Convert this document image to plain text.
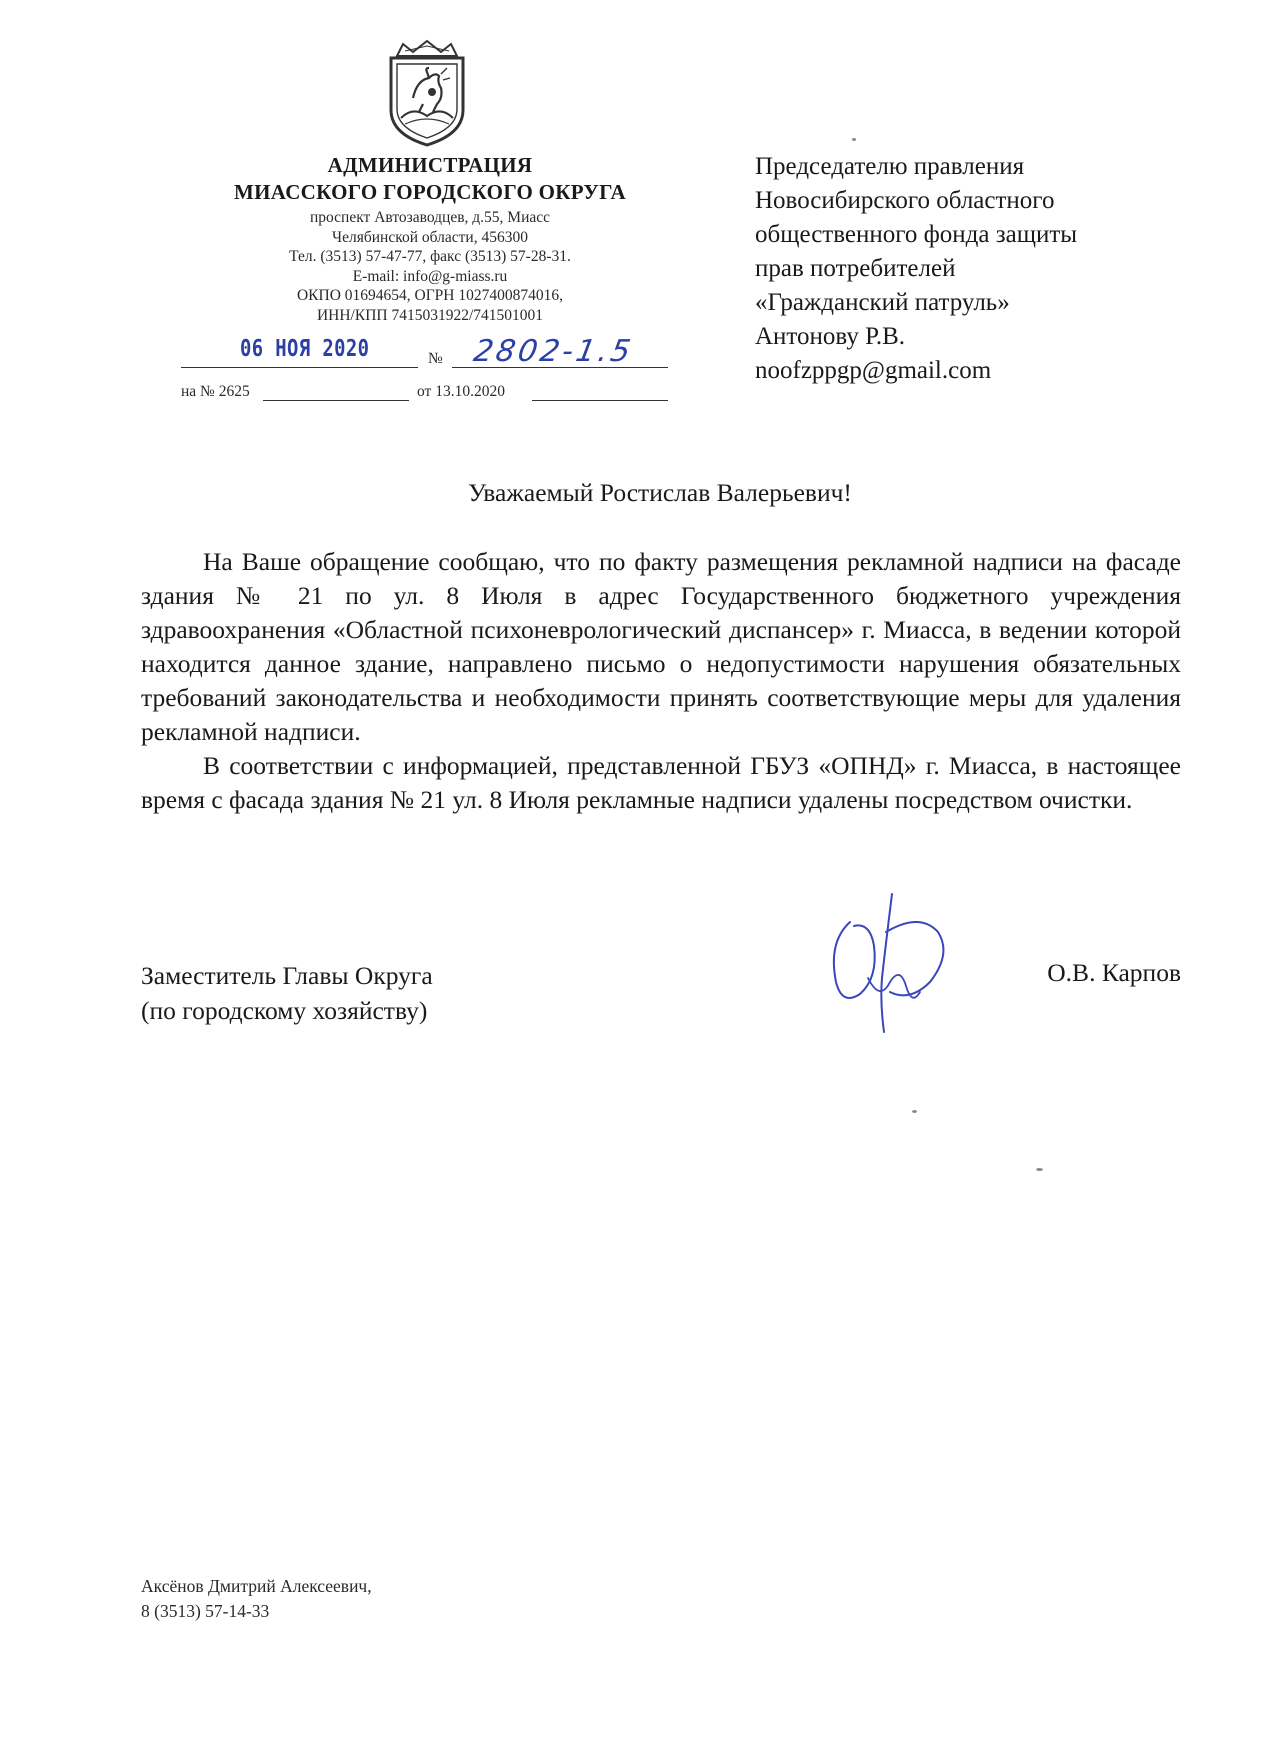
АДМИНИСТРАЦИЯ
МИАССКОГО ГОРОДСКОГО ОКРУГА
проспект Автозаводцев, д.55, Миасс
Челябинской области, 456300
Тел. (3513) 57-47-77, факс (3513) 57-28-31.
E-mail: info@g-miass.ru
ОКПО 01694654, ОГРН 1027400874016,
ИНН/КПП 7415031922/741501001
06 НОЯ 2020	№ 2802-1.5
на № 2625	от 13.10.2020
Председателю правления
Новосибирского областного
общественного фонда защиты
прав потребителей
«Гражданский патруль»
Антонову Р.В.
noofzppgp@gmail.com
Уважаемый Ростислав Валерьевич!

На Ваше обращение сообщаю, что по факту размещения рекламной надписи на фасаде здания № 21 по ул. 8 Июля в адрес Государственного бюджетного учреждения здравоохранения «Областной психоневрологический диспансер» г. Миасса, в ведении которой находится данное здание, направлено письмо о недопустимости нарушения обязательных требований законодательства и необходимости принять соответствующие меры для удаления рекламной надписи.

В соответствии с информацией, представленной ГБУЗ «ОПНД» г. Миасса, в настоящее время с фасада здания № 21 ул. 8 Июля рекламные надписи удалены посредством очистки.

Заместитель Главы Округа
(по городскому хозяйству)
О.В. Карпов
Аксёнов Дмитрий Алексеевич,
8 (3513) 57-14-33
